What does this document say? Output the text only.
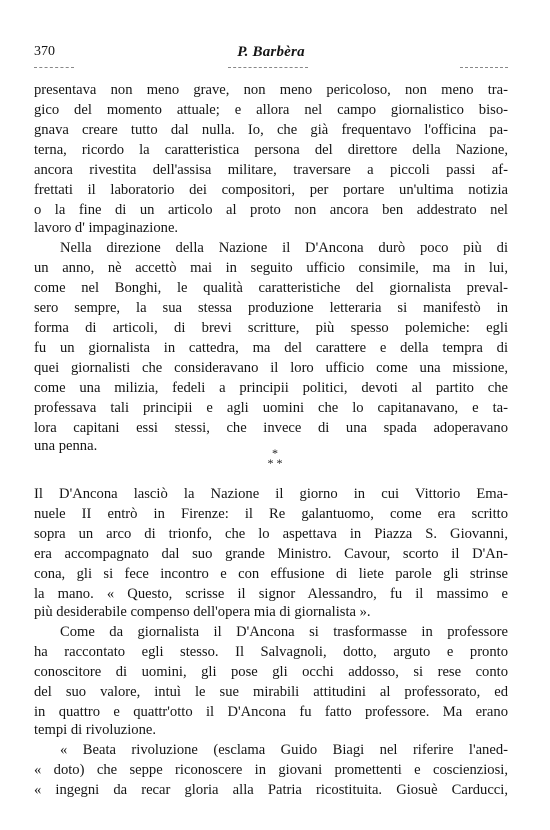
370	P. Barbèra
presentava non meno grave, non meno pericoloso, non meno tra-
gico del momento attuale; e allora nel campo giornalistico biso-
gnava creare tutto dal nulla. Io, che già frequentavo l'officina pa-
terna, ricordo la caratteristica persona del direttore della Nazione,
ancora rivestita dell'assisa militare, traversare a piccoli passi af-
frettati il laboratorio dei compositori, per portare un'ultima notizia
o la fine di un articolo al proto non ancora ben addestrato nel
lavoro d' impaginazione.
Nella direzione della Nazione il D'Ancona durò poco più di
un anno, nè accettò mai in seguito ufficio consimile, ma in lui,
come nel Bonghi, le qualità caratteristiche del giornalista preval-
sero sempre, la sua stessa produzione letteraria si manifestò in
forma di articoli, di brevi scritture, più spesso polemiche: egli
fu un giornalista in cattedra, ma del carattere e della tempra di
quei giornalisti che consideravano il loro ufficio come una missione,
come una milizia, fedeli a principii politici, devoti al partito che
professava tali principii e agli uomini che lo capitanavano, e ta-
lora capitani essi stessi, che invece di una spada adoperavano
una penna.	*
* *
Il D'Ancona lasciò la Nazione il giorno in cui Vittorio Ema-
nuele II entrò in Firenze: il Re galantuomo, come era scritto
sopra un arco di trionfo, che lo aspettava in Piazza S. Giovanni,
era accompagnato dal suo grande Ministro. Cavour, scorto il D'An-
cona, gli si fece incontro e con effusione di liete parole gli strinse
la mano. « Questo, scrisse il signor Alessandro, fu il massimo e
più desiderabile compenso dell'opera mia di giornalista ».
Come da giornalista il D'Ancona si trasformasse in professore
ha raccontato egli stesso. Il Salvagnoli, dotto, arguto e pronto
conoscitore di uomini, gli pose gli occhi addosso, si rese conto
del suo valore, intuì le sue mirabili attitudini al professorato, ed
in quattro e quattr'otto il D'Ancona fu fatto professore. Ma erano
tempi di rivoluzione.
« Beata rivoluzione (esclama Guido Biagi nel riferire l'aned-
« doto) che seppe riconoscere in giovani promettenti e coscienziosi,
« ingegni da recar gloria alla Patria ricostituita. Giosuè Carducci,
